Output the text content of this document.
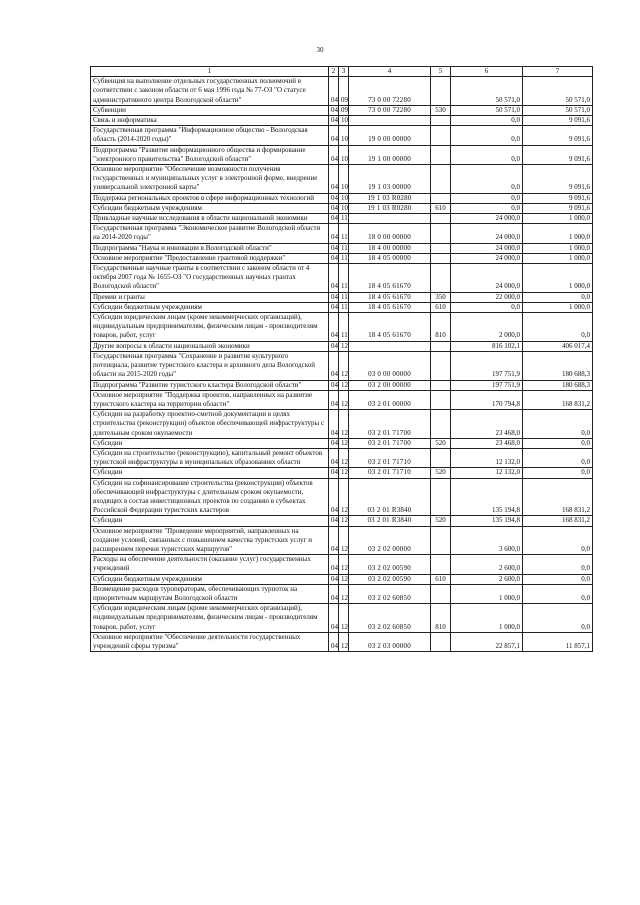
30
1	2	3	4	5	6	7
Субвенция на выполнение отдельных государственных полномочий в соответствии с законом области от 6 мая 1996 года № 77-ОЗ "О статусе административного центра Вологодской области"	04	09	73 0 00 72280		50 571,0	50 571,0
Субвенции	04	09	73 0 00 72280	530	50 571,0	50 571,0
Связь и информатика	04	10			0,0	9 091,6
Государственная программа "Информационное общество - Вологодская область (2014-2020 годы)"	04	10	19 0 00 00000		0,0	9 091,6
Подпрограмма "Развитие информационного общества и формирование "электронного правительства" Вологодской области"	04	10	19 1 00 00000		0,0	9 091,6
Основное мероприятие "Обеспечение возможности получения государственных и муниципальных услуг в электронной форме, внедрение универсальной электронной карты"	04	10	19 1 03 00000		0,0	9 091,6
Поддержка региональных проектов в сфере информационных технологий	04	10	19 1 03 R0280		0,0	9 091,6
Субсидии бюджетным учреждениям	04	10	19 1 03 R0280	610	0,0	9 091,6
Прикладные научные исследования в области национальной экономики	04	11			24 000,0	1 000,0
Государственная программа "Экономическое развитие Вологодской области на 2014-2020 годы"	04	11	18 0 00 00000		24 000,0	1 000,0
Подпрограмма "Наука и инновации в Вологодской области"	04	11	18 4 00 00000		24 000,0	1 000,0
Основное мероприятие "Предоставление грантовой поддержки"	04	11	18 4 05 00000		24 000,0	1 000,0
Государственные научные гранты в соответствии с законом области от 4 октября 2007 года № 1655-ОЗ "О государственных научных грантах Вологодской области"	04	11	18 4 05 61670		24 000,0	1 000,0
Премии и гранты	04	11	18 4 05 61670	350	22 000,0	0,0
Субсидии бюджетным учреждениям	04	11	18 4 05 61670	610	0,0	1 000,0
Субсидии юридическим лицам (кроме некоммерческих организаций), индивидуальным предпринимателям, физическим лицам - производителям товаров, работ, услуг	04	11	18 4 05 61670	810	2 000,0	0,0
Другие вопросы в области национальной экономики	04	12			816 102,1	406 017,4
Государственная программа "Сохранение и развитие культурного потенциала, развитие туристского кластера и архивного дела Вологодской области на 2015-2020 годы"	04	12	03 0 00 00000		197 751,9	180 688,3
Подпрограмма "Развитие туристского кластера Вологодской области"	04	12	03 2 00 00000		197 751,9	180 688,3
Основное мероприятие "Поддержка проектов, направленных на развитие туристского кластера на территории области"	04	12	03 2 01 00000		170 794,8	168 831,2
Субсидии на разработку проектно-сметной документации в целях строительства (реконструкции) объектов обеспечивающей инфраструктуры с длительным сроком окупаемости	04	12	03 2 01 71700		23 468,0	0,0
Субсидии	04	12	03 2 01 71700	520	23 468,0	0,0
Субсидии на строительство (реконструкцию), капитальный ремонт объектов туристской инфраструктуры в муниципальных образованиях области	04	12	03 2 01 71710		12 132,0	0,0
Субсидии	04	12	03 2 01 71710	520	12 132,0	0,0
Субсидии на софинансирование строительства (реконструкции) объектов обеспечивающей инфраструктуры с длительным сроком окупаемости, входящих в состав инвестиционных проектов по созданию в субъектах Российской Федерации туристских кластеров	04	12	03 2 01 R3840		135 194,8	168 831,2
Субсидии	04	12	03 2 01 R3840	520	135 194,8	168 831,2
Основное мероприятие "Проведение мероприятий, направленных на создание условий, связанных с повышением качества туристских услуг и расширением перечня туристских маршрутов"	04	12	03 2 02 00000		3 600,0	0,0
Расходы на обеспечение деятельности (оказание услуг) государственных учреждений	04	12	03 2 02 00590		2 600,0	0,0
Субсидии бюджетным учреждениям	04	12	03 2 02 00590	610	2 600,0	0,0
Возмещение расходов туроператорам, обеспечивающих турпоток на приоритетным маршрутам Вологодской области	04	12	03 2 02 60850		1 000,0	0,0
Субсидии юридическим лицам (кроме некоммерческих организаций), индивидуальным предпринимателям, физическим лицам - производителям товаров, работ, услуг	04	12	03 2 02 60850	810	1 000,0	0,0
Основное мероприятие "Обеспечение деятельности государственных учреждений сферы туризма"	04	12	03 2 03 00000		22 857,1	11 857,1
